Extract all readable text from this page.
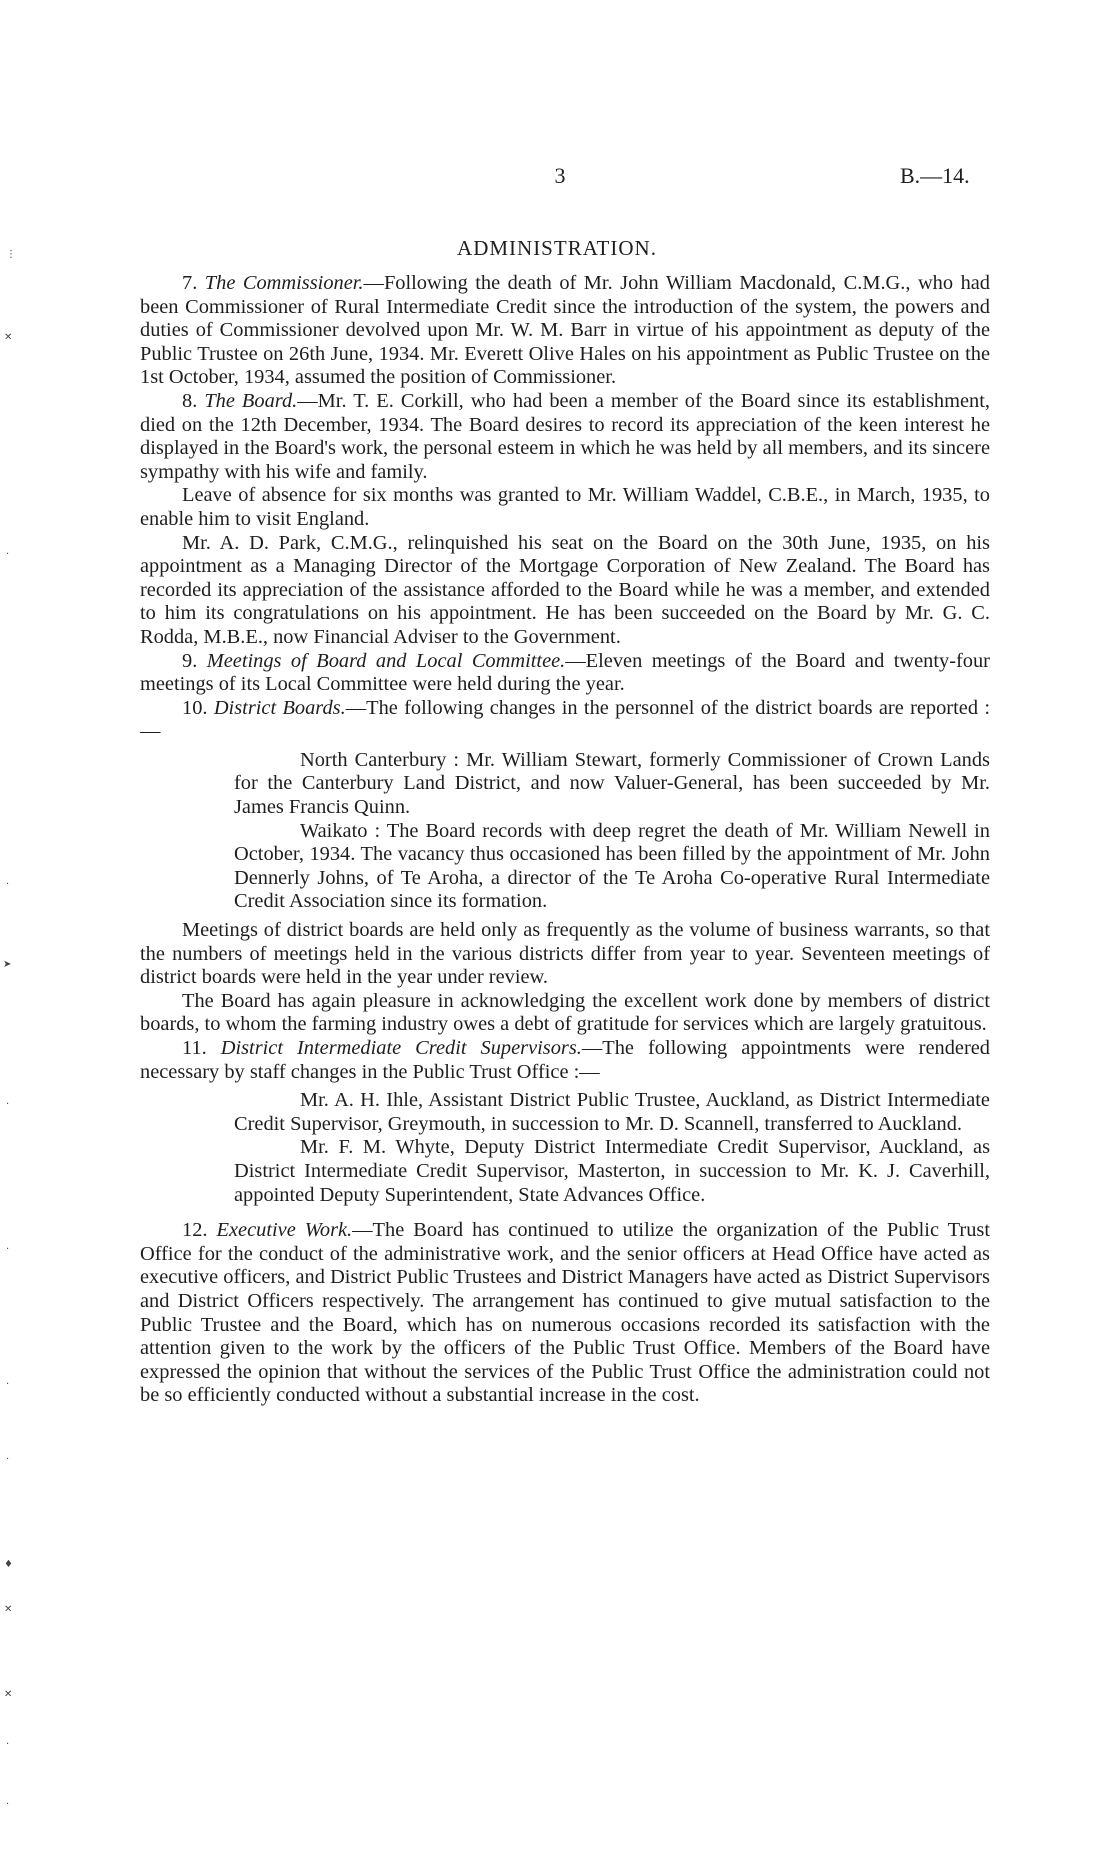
3	B.—14.
ADMINISTRATION.

7. The Commissioner.—Following the death of Mr. John William Macdonald, C.M.G., who had been Commissioner of Rural Intermediate Credit since the introduction of the system, the powers and duties of Commissioner devolved upon Mr. W. M. Barr in virtue of his appointment as deputy of the Public Trustee on 26th June, 1934. Mr. Everett Olive Hales on his appointment as Public Trustee on the 1st October, 1934, assumed the position of Commissioner.

8. The Board.—Mr. T. E. Corkill, who had been a member of the Board since its establishment, died on the 12th December, 1934. The Board desires to record its appreciation of the keen interest he displayed in the Board's work, the personal esteem in which he was held by all members, and its sincere sympathy with his wife and family.

Leave of absence for six months was granted to Mr. William Waddel, C.B.E., in March, 1935, to enable him to visit England.

Mr. A. D. Park, C.M.G., relinquished his seat on the Board on the 30th June, 1935, on his appointment as a Managing Director of the Mortgage Corporation of New Zealand. The Board has recorded its appreciation of the assistance afforded to the Board while he was a member, and extended to him its congratulations on his appointment. He has been succeeded on the Board by Mr. G. C. Rodda, M.B.E., now Financial Adviser to the Government.

9. Meetings of Board and Local Committee.—Eleven meetings of the Board and twenty-four meetings of its Local Committee were held during the year.

10. District Boards.—The following changes in the personnel of the district boards are reported :—

North Canterbury : Mr. William Stewart, formerly Commissioner of Crown Lands for the Canterbury Land District, and now Valuer-General, has been succeeded by Mr. James Francis Quinn.

Waikato : The Board records with deep regret the death of Mr. William Newell in October, 1934. The vacancy thus occasioned has been filled by the appointment of Mr. John Dennerly Johns, of Te Aroha, a director of the Te Aroha Co-operative Rural Intermediate Credit Association since its formation.

Meetings of district boards are held only as frequently as the volume of business warrants, so that the numbers of meetings held in the various districts differ from year to year. Seventeen meetings of district boards were held in the year under review.

The Board has again pleasure in acknowledging the excellent work done by members of district boards, to whom the farming industry owes a debt of gratitude for services which are largely gratuitous.

11. District Intermediate Credit Supervisors.—The following appointments were rendered necessary by staff changes in the Public Trust Office :—

Mr. A. H. Ihle, Assistant District Public Trustee, Auckland, as District Intermediate Credit Supervisor, Greymouth, in succession to Mr. D. Scannell, transferred to Auckland.

Mr. F. M. Whyte, Deputy District Intermediate Credit Supervisor, Auckland, as District Intermediate Credit Supervisor, Masterton, in succession to Mr. K. J. Caverhill, appointed Deputy Superintendent, State Advances Office.

12. Executive Work.—The Board has continued to utilize the organization of the Public Trust Office for the conduct of the administrative work, and the senior officers at Head Office have acted as executive officers, and District Public Trustees and District Managers have acted as District Supervisors and District Officers respectively. The arrangement has continued to give mutual satisfaction to the Public Trustee and the Board, which has on numerous occasions recorded its satisfaction with the attention given to the work by the officers of the Public Trust Office. Members of the Board have expressed the opinion that without the services of the Public Trust Office the administration could not be so efficiently conducted without a substantial increase in the cost.

⋮
✕
·
·
➤
·
·
·
·
♦
✕
✕
·
·
